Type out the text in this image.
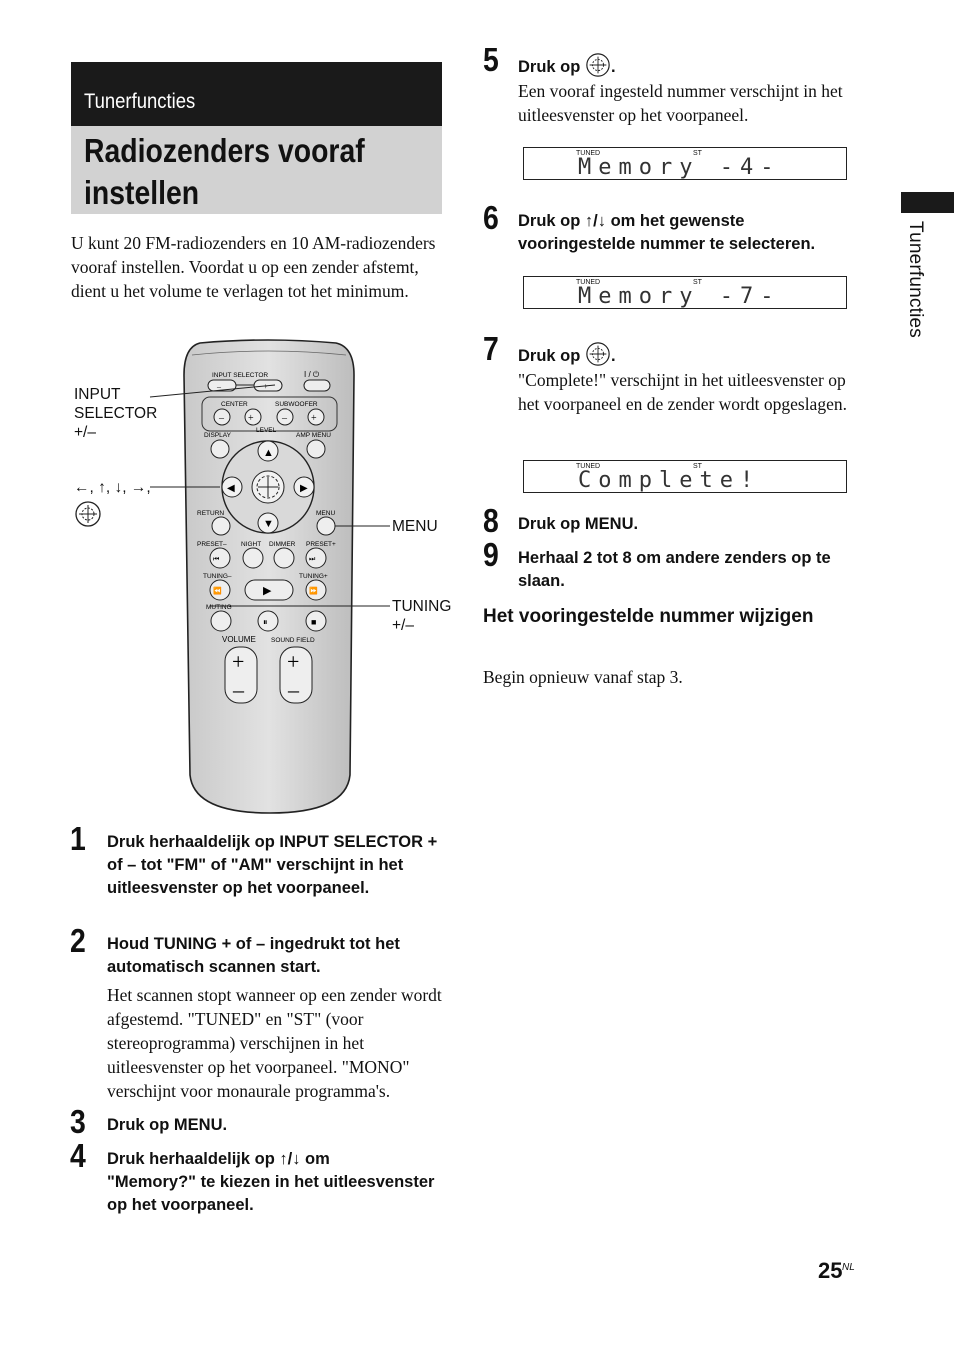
Tunerfuncties
Radiozenders vooraf instellen
U kunt 20 FM-radiozenders en 10 AM-radiozenders vooraf instellen. Voordat u op een zender afstemt, dient u het volume te verlagen tot het minimum.	Tunerfuncties
INPUT SELECTOR	I / ⏻
–	+
CENTER	SUBWOOFER
– +	– +
LEVEL
DISPLAY	AMP MENU
▲
▼
◀	▶
RETURN	MENU
PRESET– NIGHT DIMMER PRESET+
⏮	⏭
TUNING–	TUNING+
⏪	▶	⏩
MUTING
⏸	■
VOLUME SOUND FIELD
+
–
+
–
INPUT
SELECTOR
+/–
←, ↑, ↓, →,
MENU
TUNING
+/–
1 Druk herhaaldelijk op INPUT SELECTOR + of – tot "FM" of "AM" verschijnt in het uitleesvenster op het voorpaneel.
2 Houd TUNING + of – ingedrukt tot het automatisch scannen start.
Het scannen stopt wanneer op een zender wordt afgestemd. "TUNED" en "ST" (voor stereoprogramma) verschijnen in het uitleesvenster op het voorpaneel. "MONO" verschijnt voor monaurale programma's.
3 Druk op MENU.
4 Druk herhaaldelijk op ↑/↓ om
"Memory?" te kiezen in het uitleesvenster op het voorpaneel.
5 Druk op .
Een vooraf ingesteld nummer verschijnt in het uitleesvenster op het voorpaneel.
TUNED	ST
Memory -4-
6 Druk op ↑/↓ om het gewenste vooringestelde nummer te selecteren.
TUNED	ST
Memory -7-
7 Druk op .
"Complete!" verschijnt in het uitleesvenster op het voorpaneel en de zender wordt opgeslagen.
TUNED	ST
Complete!
8 Druk op MENU.
9 Herhaal 2 tot 8 om andere zenders op te slaan.
Het vooringestelde nummer wijzigen
Begin opnieuw vanaf stap 3.
25 NL
